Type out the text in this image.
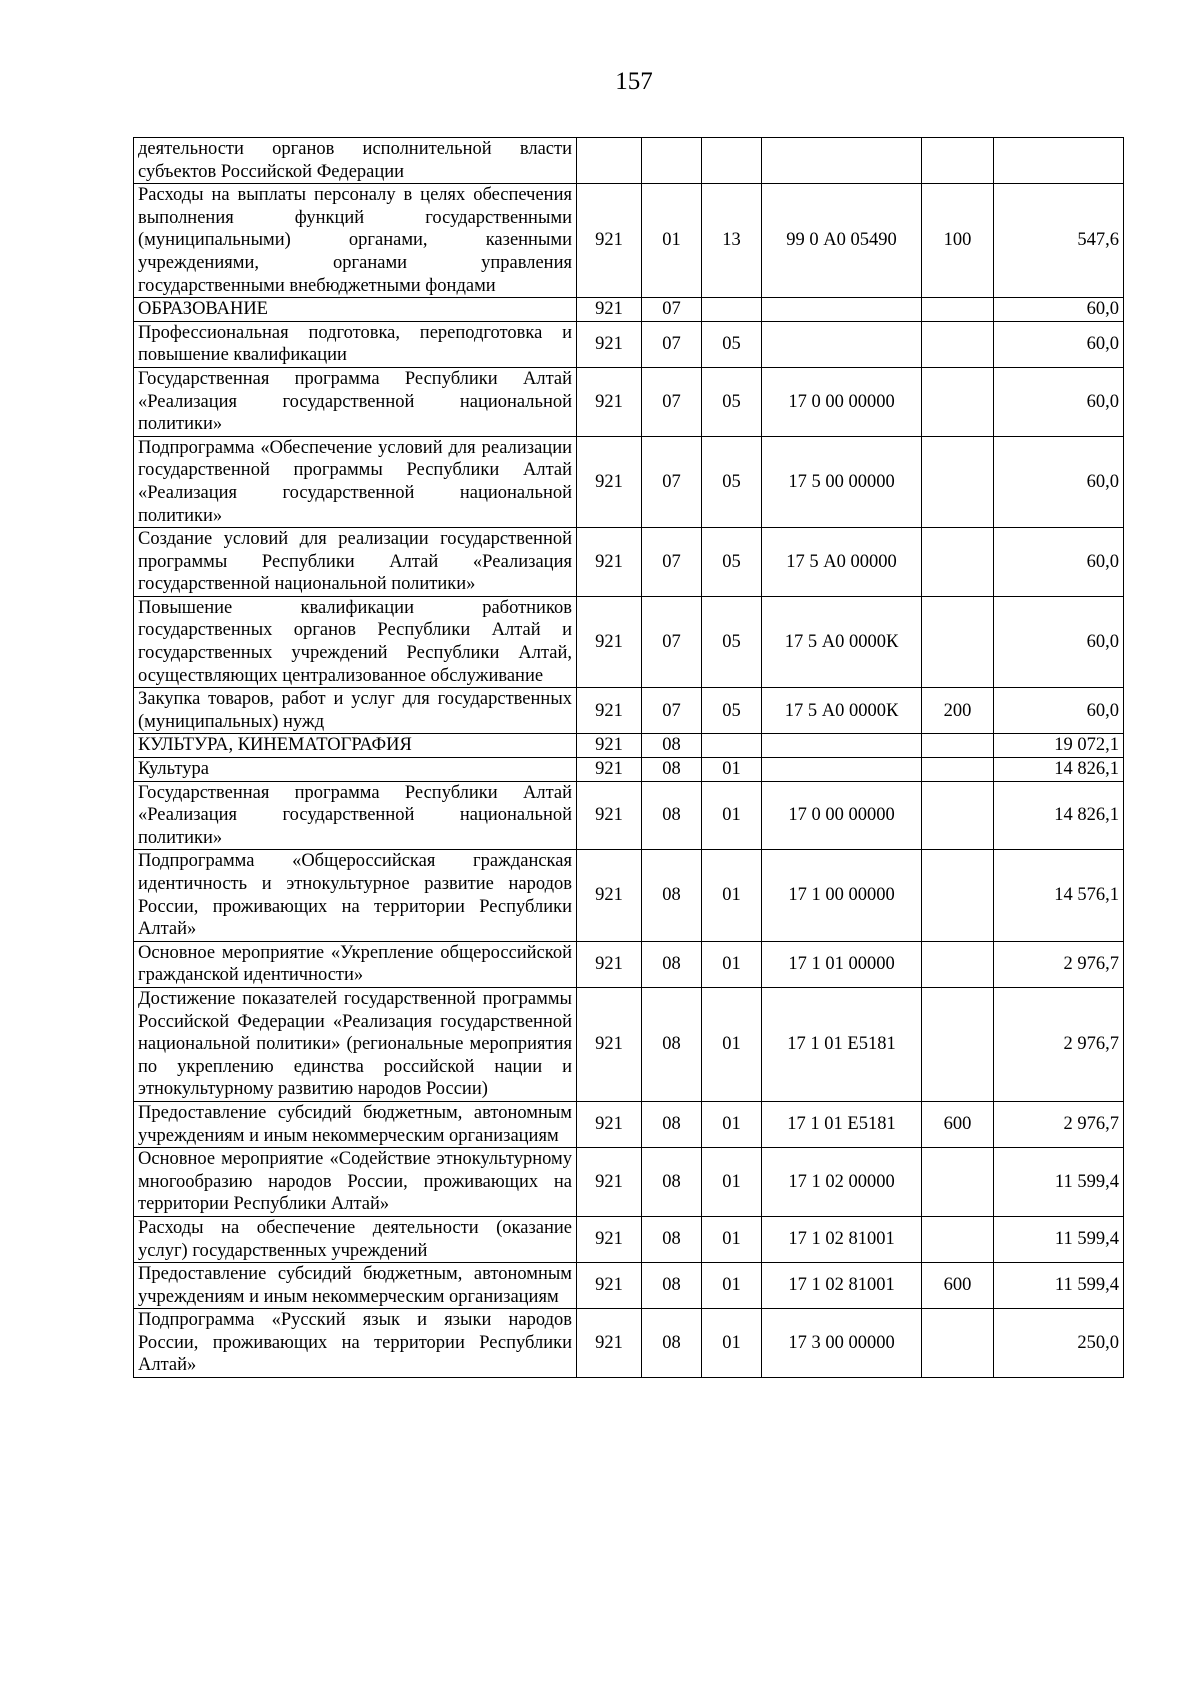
157
деятельности органов исполнительной власти субъектов Российской Федерации						
Расходы на выплаты персоналу в целях обеспечения выполнения функций государственными (муниципальными) органами, казенными учреждениями, органами управления государственными внебюджетными фондами	921	01	13	99 0 А0 05490	100	547,6
ОБРАЗОВАНИЕ	921	07				60,0
Профессиональная подготовка, переподготовка и повышение квалификации	921	07	05			60,0
Государственная программа Республики Алтай «Реализация государственной национальной политики»	921	07	05	17 0 00 00000		60,0
Подпрограмма «Обеспечение условий для реализации государственной программы Республики Алтай «Реализация государственной национальной политики»	921	07	05	17 5 00 00000		60,0
Создание условий для реализации государственной программы Республики Алтай «Реализация государственной национальной политики»	921	07	05	17 5 А0 00000		60,0
Повышение квалификации работников государственных органов Республики Алтай и государственных учреждений Республики Алтай, осуществляющих централизованное обслуживание	921	07	05	17 5 А0 0000К		60,0
Закупка товаров, работ и услуг для государственных (муниципальных) нужд	921	07	05	17 5 А0 0000К	200	60,0
КУЛЬТУРА, КИНЕМАТОГРАФИЯ	921	08				19 072,1
Культура	921	08	01			14 826,1
Государственная программа Республики Алтай «Реализация государственной национальной политики»	921	08	01	17 0 00 00000		14 826,1
Подпрограмма «Общероссийская гражданская идентичность и этнокультурное развитие народов России, проживающих на территории Республики Алтай»	921	08	01	17 1 00 00000		14 576,1
Основное мероприятие «Укрепление общероссийской гражданской идентичности»	921	08	01	17 1 01 00000		2 976,7
Достижение показателей государственной программы Российской Федерации «Реализация государственной национальной политики» (региональные мероприятия по укреплению единства российской нации и этнокультурному развитию народов России)	921	08	01	17 1 01 Е5181		2 976,7
Предоставление субсидий бюджетным, автономным учреждениям и иным некоммерческим организациям	921	08	01	17 1 01 Е5181	600	2 976,7
Основное мероприятие «Содействие этнокультурному многообразию народов России, проживающих на территории Республики Алтай»	921	08	01	17 1 02 00000		11 599,4
Расходы на обеспечение деятельности (оказание услуг) государственных учреждений	921	08	01	17 1 02 81001		11 599,4
Предоставление субсидий бюджетным, автономным учреждениям и иным некоммерческим организациям	921	08	01	17 1 02 81001	600	11 599,4
Подпрограмма «Русский язык и языки народов России, проживающих на территории Республики Алтай»	921	08	01	17 3 00 00000		250,0
